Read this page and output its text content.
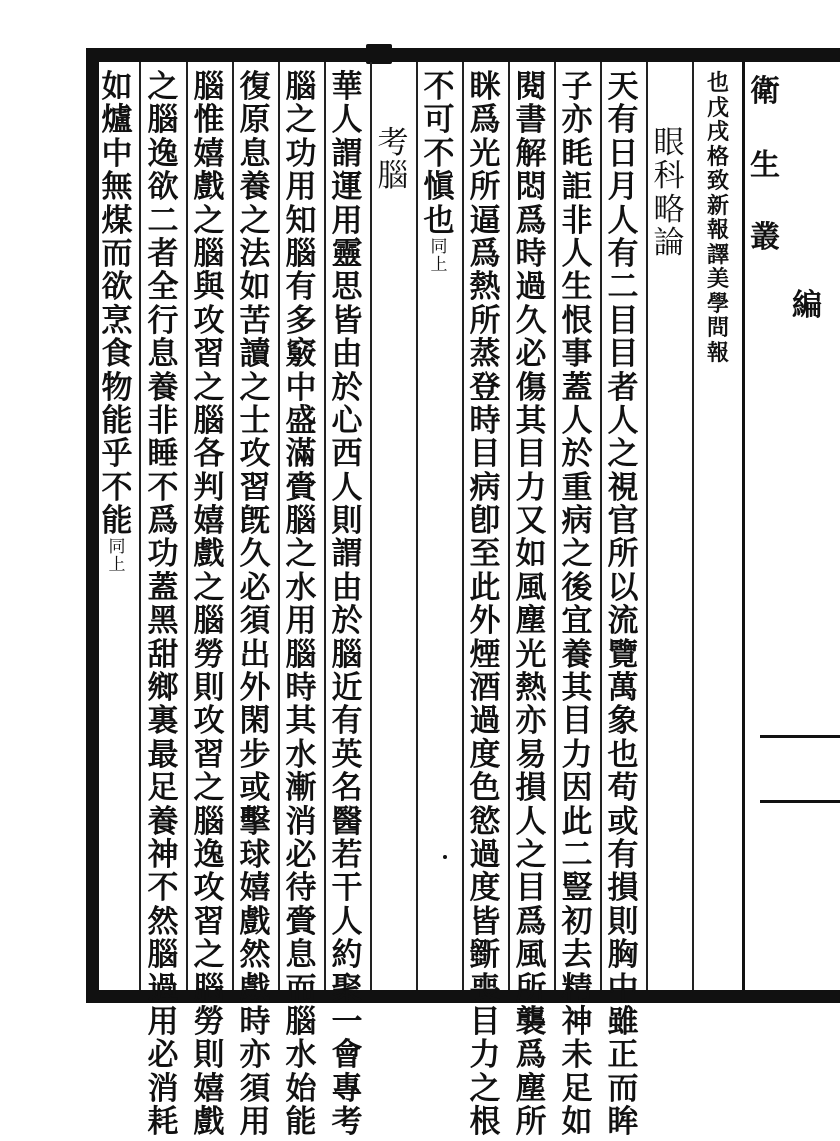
衛
生
叢
編
也
戊
戌
格
致
新
報
譯
美
學
問
報
眼
科
略
論
天
有
日
月
人
有
二
目
目
者
人
之
視
官
所
以
流
覽
萬
象
也
苟
或
有
損
則
胸
中
雖
正
而
眸
子
亦
眊
詎
非
人
生
恨
事
蓋
人
於
重
病
之
後
宜
養
其
目
力
因
此
二
豎
初
去
精
神
未
足
如
閱
書
解
悶
爲
時
過
久
必
傷
其
目
力
又
如
風
塵
光
熱
亦
易
損
人
之
目
爲
風
所
襲
爲
塵
所
眯
爲
光
所
逼
爲
熱
所
蒸
登
時
目
病
卽
至
此
外
煙
酒
過
度
色
慾
過
度
皆
斵
喪
目
力
之
根
不
可
不
愼
也
同
上
考
腦
華
人
謂
運
用
靈
思
皆
由
於
心
西
人
則
謂
由
於
腦
近
有
英
名
醫
若
干
人
約
聚
一
會
專
考
腦
之
功
用
知
腦
有
多
竅
中
盛
滿
賫
腦
之
水
用
腦
時
其
水
漸
消
必
待
賫
息
而
腦
水
始
能
復
原
息
養
之
法
如
苦
讀
之
士
攻
習
旣
久
必
須
出
外
閑
步
或
擊
球
嬉
戲
然
戲
時
亦
須
用
腦
惟
嬉
戲
之
腦
與
攻
習
之
腦
各
判
嬉
戲
之
腦
勞
則
攻
習
之
腦
逸
攻
習
之
腦
勞
則
嬉
戲
之
腦
逸
欲
二
者
全
行
息
養
非
睡
不
爲
功
蓋
黑
甜
鄉
裏
最
足
養
神
不
然
腦
過
用
必
消
耗
如
爐
中
無
煤
而
欲
烹
食
物
能
乎
不
能
同
上
